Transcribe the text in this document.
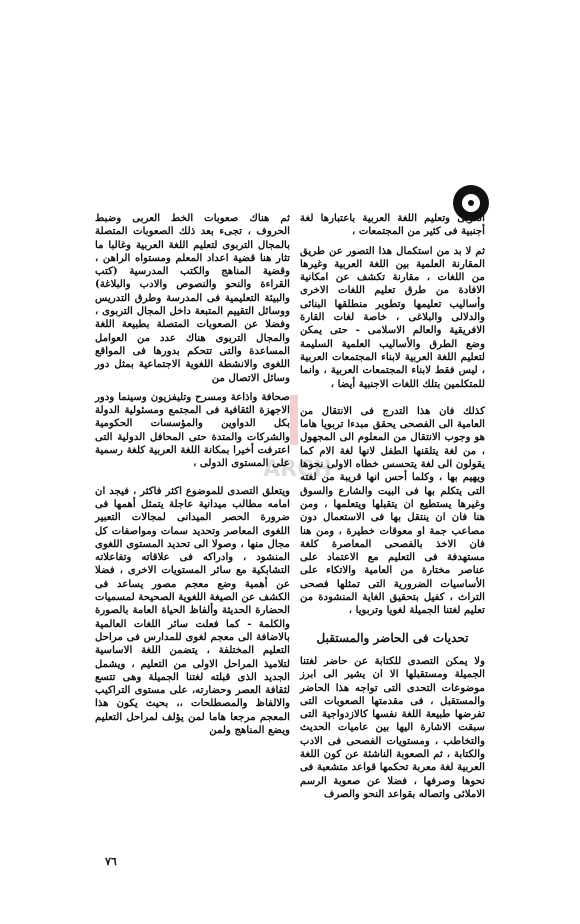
ARCH

العربى وتعليم اللغة العربية باعتبارها لغة أجنبية فى كثير من المجتمعات ،

ثم لا بد من استكمال هذا التصور عن طريق المقارنة العلمية بين اللغة العربية وغيرها من اللغات ، مقارنة تكشف عن امكانية الافادة من طرق تعليم اللغات الاخرى وأساليب تعليمها وتطوير منطلقها البنائى والدلالى والبلاغى ، خاصة لغات القارة الافريقية والعالم الاسلامى - حتى يمكن وضع الطرق والأساليب العلمية السليمة لتعليم اللغة العربية لابناء المجتمعات العربية ، ليس فقط لابناء المجتمعات العربية ، وانما للمتكلمين بتلك اللغات الاجنبية أيضا ،

كذلك فان هذا التدرج فى الانتقال من العامية الى الفصحى يحقق مبدءا تربويا هاما هو وجوب الانتقال من المعلوم الى المجهول ، من لغة يتلقنها الطفل لانها لغة الام كما يقولون الى لغة يتحسس خطاه الاولى نحوها ويهيم بها ، وكلما أحس انها قريبة من لغته التى يتكلم بها فى البيت والشارع والسوق وغيرها يستطيع ان يتقبلها ويتعلمها ، ومن هنا فان ان ينتقل بها فى الاستعمال دون مصاعب جمة او معوقات خطيرة ، ومن هنا فان الاخذ بالفصحى المعاصرة كلغة مستهدفة فى التعليم مع الاعتماد على عناصر مختارة من العامية والاتكاء على الأساسيات الضرورية التى تمثلها فصحى التراث ، كفيل بتحقيق الغاية المنشودة من تعليم لغتنا الجميلة لغويا وتربويا ،

تحديات فى الحاضر والمستقبل

ولا يمكن التصدى للكتابة عن حاضر لغتنا الجميلة ومستقبلها الا ان يشير الى ابرز موضوعات التحدى التى تواجه هذا الحاضر والمستقبل ، فى مقدمتها الصعوبات التى تفرضها طبيعة اللغة نفسها كالازدواجية التى سبقت الاشارة اليها بين عاميات الحديث والتخاطب ، ومستويات الفصحى فى الادب والكتابة ، ثم الصعوبة الناشئة عن كون اللغة العربية لغة معربة تحكمها قواعد متشعبة فى نحوها وصرفها ، فضلا عن صعوبة الرسم الاملائى واتصاله بقواعد النحو والصرف

ثم هناك صعوبات الخط العربى وضبط الحروف ، تجىء بعد ذلك الصعوبات المتصلة بالمجال التربوى لتعليم اللغة العربية وغالبا ما تثار هنا قضية اعداد المعلم ومستواه الراهن ، وقضية المناهج والكتب المدرسية (كتب القراءة والنحو والنصوص والادب والبلاغة) والبيئة التعليمية فى المدرسة وطرق التدريس ووسائل التقييم المتبعة داخل المجال التربوى ، وفضلا عن الصعوبات المتصلة بطبيعة اللغة والمجال التربوى هناك عدد من العوامل المساعدة والتى تتحكم بدورها فى المواقع اللغوى والانشطة اللغوية الاجتماعية بمثل دور وسائل الاتصال من

صحافة واذاعة ومسرح وتليفزيون وسينما ودور الاجهزة الثقافية فى المجتمع ومسئولية الدولة بكل الدواوين والمؤسسات الحكومية والشركات والمتدة حتى المحافل الدولية التى اعترفت أخيرا بمكانة اللغة العربية كلغة رسمية على المستوى الدولى ،

ويتعلق التصدى للموضوع اكثر فاكثر ، فيجد ان امامه مطالب ميدانية عاجلة يتمثل أهمها فى ضرورة الحصر الميدانى لمجالات التعبير اللغوى المعاصر وتحديد سمات ومواصفات كل مجال منها ، وصولا الى تحديد المستوى اللغوى المنشود ، وادراكه فى علاقاته وتفاعلاته التشابكية مع سائر المستويات الاخرى ، فضلا عن أهمية وضع معجم مصور يساعد فى الكشف عن الصيغة اللغوية الصحيحة لمسميات الحضارة الحديثة وألفاظ الحياة العامة بالصورة والكلمة - كما فعلت سائر اللغات العالمية بالاضافة الى معجم لغوى للمدارس فى مراحل التعليم المختلفة ، يتضمن اللغة الاساسية لتلاميذ المراحل الاولى من التعليم ، ويشمل الجديد الذى قبلته لغتنا الجميلة وهى تتسع لثقافة العصر وحضارته، على مستوى التراكيب والالفاظ والمصطلحات ،، بحيث يكون هذا المعجم مرجعا هاما لمن يؤلف لمراحل التعليم ويضع المناهج ولمن

٧٦
